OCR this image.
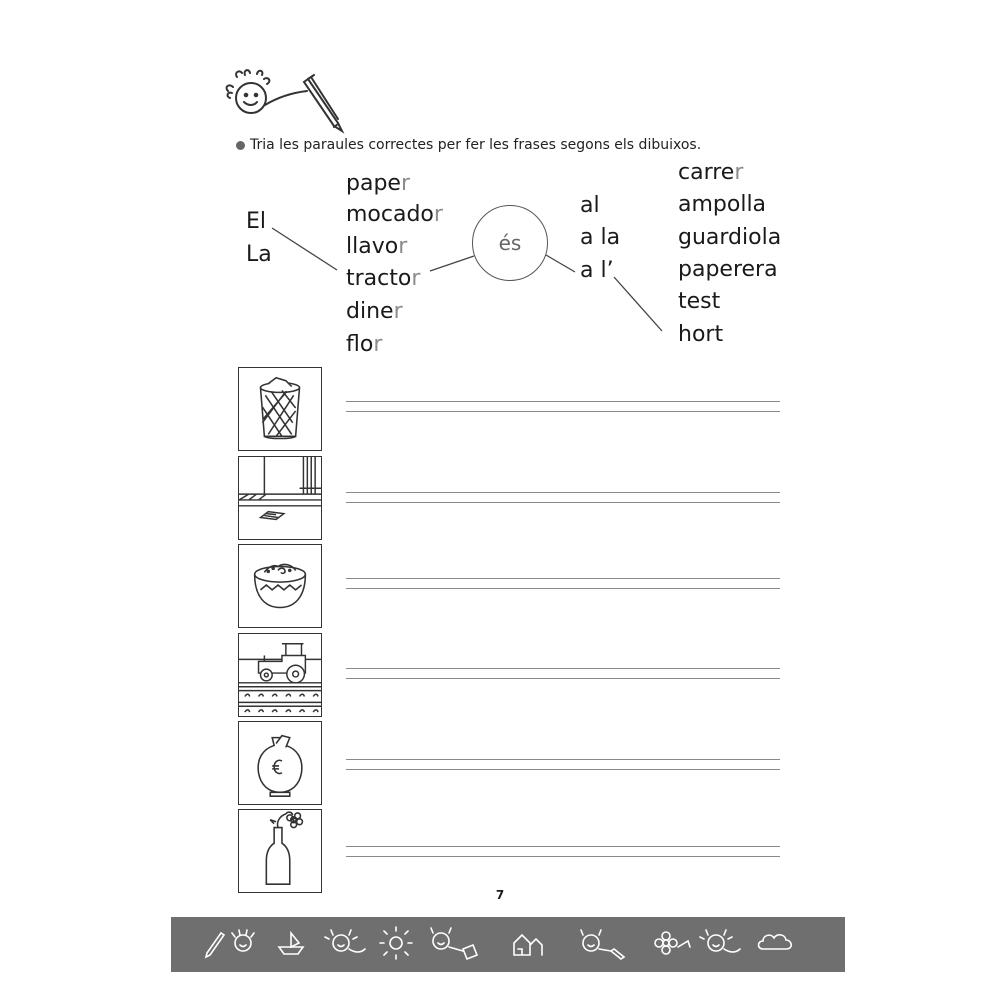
Tria les paraules correctes per fer les frases segons els dibuixos.
El
La
paper
mocador
llavor
tractor
diner
flor
és
al
a la
a l’
carrer
ampolla
guardiola
paperera
test
hort
7
